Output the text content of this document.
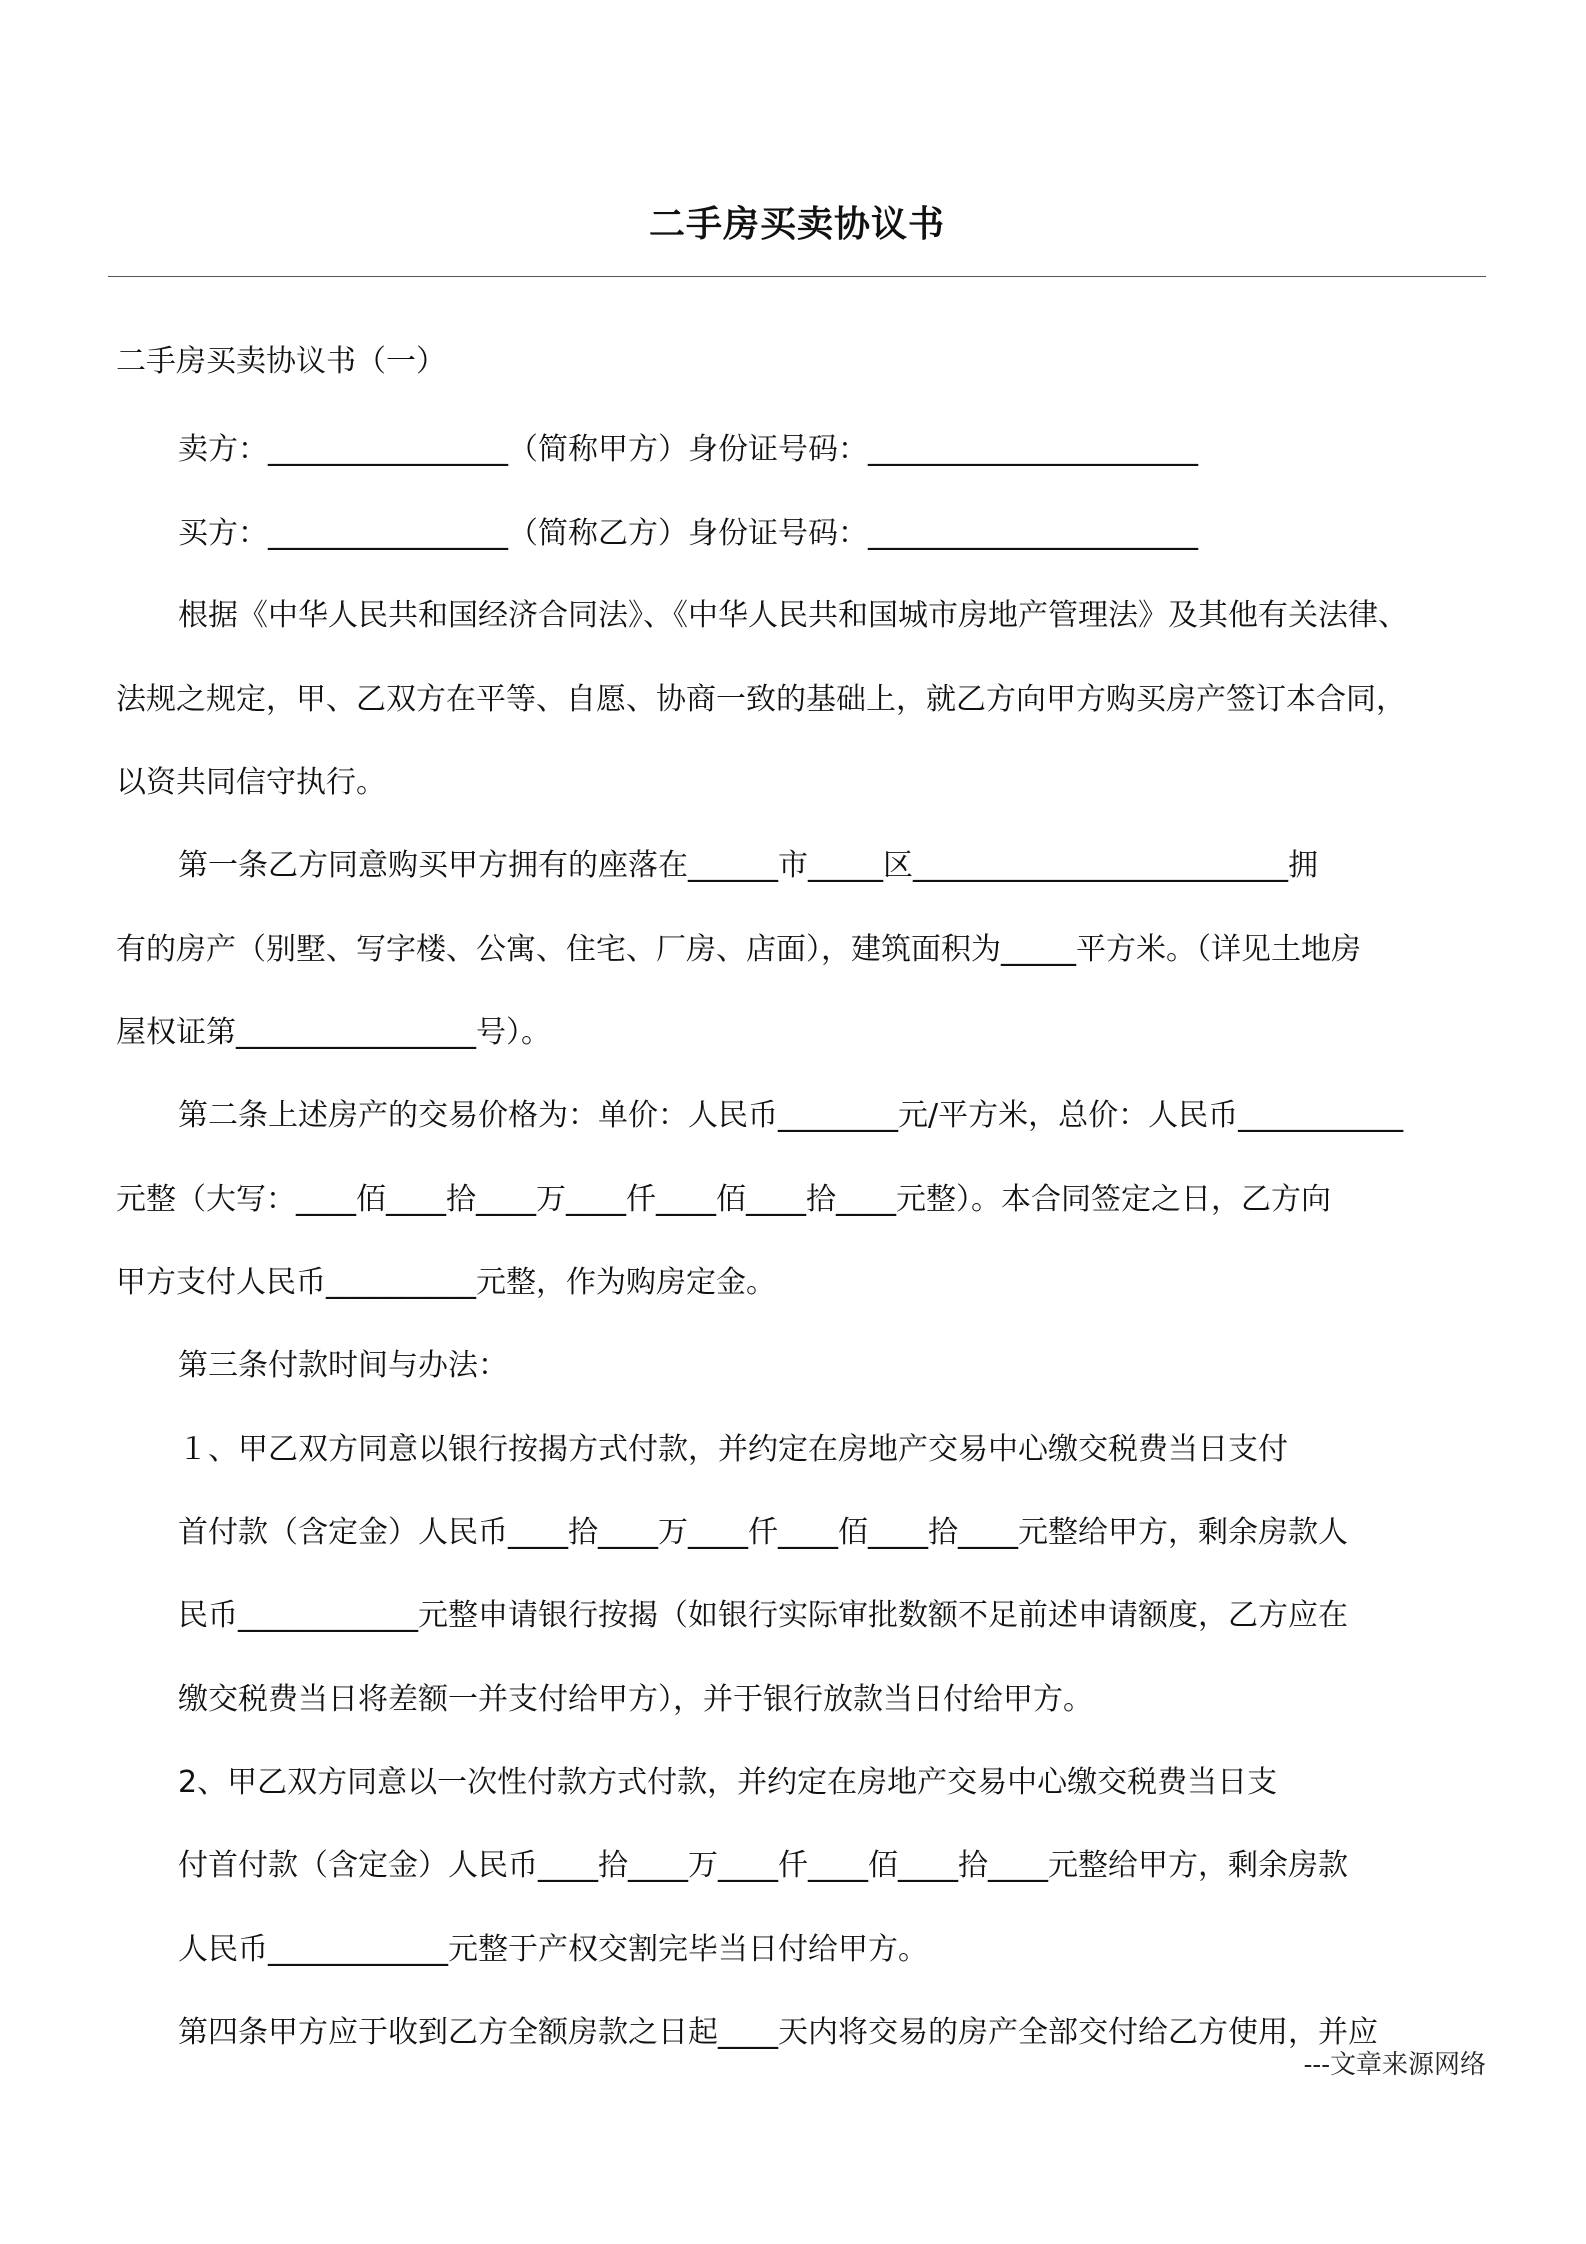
二手房买卖协议书
二手房买卖协议书（一）
卖方：________________（简称甲方）身份证号码：______________________
买方：________________（简称乙方）身份证号码：______________________
根据《中华人民共和国经济合同法》、《中华人民共和国城市房地产管理法》及其他有关法律、
法规之规定，甲、乙双方在平等、自愿、协商一致的基础上，就乙方向甲方购买房产签订本合同，
以资共同信守执行。
第一条乙方同意购买甲方拥有的座落在______市_____区_________________________拥
有的房产（别墅、写字楼、公寓、住宅、厂房、店面），建筑面积为_____平方米。（详见土地房
屋权证第________________号）。
第二条上述房产的交易价格为：单价：人民币________元/平方米，总价：人民币___________
元整（大写：____佰____拾____万____仟____佰____拾____元整）。本合同签定之日，乙方向
甲方支付人民币__________元整，作为购房定金。
第三条付款时间与办法：
１、甲乙双方同意以银行按揭方式付款，并约定在房地产交易中心缴交税费当日支付
首付款（含定金）人民币____拾____万____仟____佰____拾____元整给甲方，剩余房款人
民币____________元整申请银行按揭（如银行实际审批数额不足前述申请额度，乙方应在
缴交税费当日将差额一并支付给甲方），并于银行放款当日付给甲方。
2、甲乙双方同意以一次性付款方式付款，并约定在房地产交易中心缴交税费当日支
付首付款（含定金）人民币____拾____万____仟____佰____拾____元整给甲方，剩余房款
人民币____________元整于产权交割完毕当日付给甲方。
第四条甲方应于收到乙方全额房款之日起____天内将交易的房产全部交付给乙方使用，并应
---文章来源网络
